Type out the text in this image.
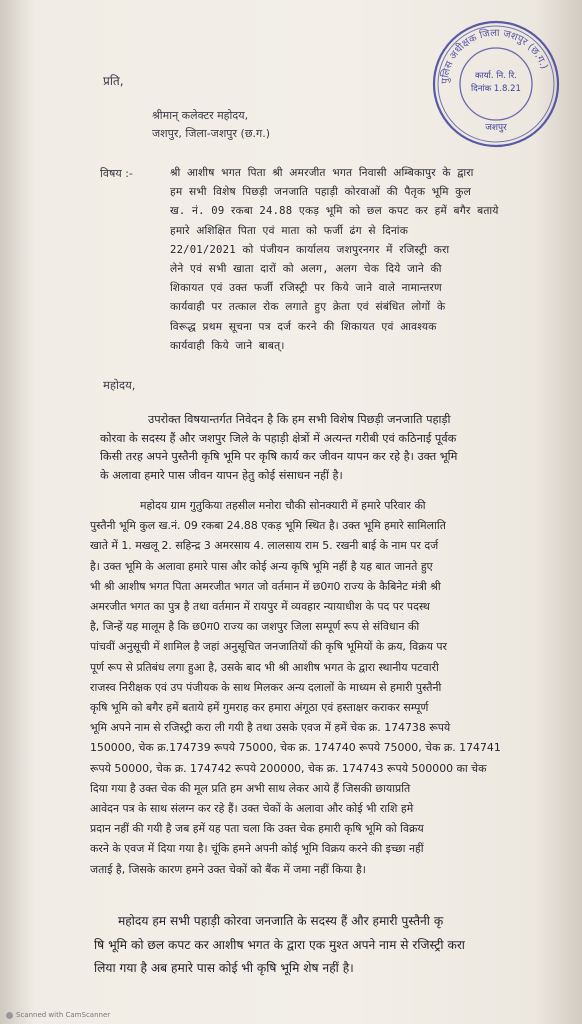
प्रति,
श्रीमान् कलेक्टर महोदय,
जशपुर, जिला-जशपुर (छ.ग.)
पुलिस अधीक्षक जिला जशपुर (छ.ग.)
कार्या. नि. रि.
दिनांक 1.8.21
जशपुर
विषय :-	श्री आशीष भगत पिता श्री अमरजीत भगत निवासी अम्बिकापुर के द्वारा
हम सभी विशेष पिछड़ी जनजाति पहाड़ी कोरवाओं की पैतृक भूमि कुल
ख. नं. 09 रकबा 24.88 एकड़ भूमि को छल कपट कर हमें बगैर बताये
हमारे अशिक्षित पिता एवं माता को फर्जी ढंग से दिनांक
22/01/2021 को पंजीयन कार्यालय जशपुरनगर में रजिस्ट्री करा
लेने एवं सभी खाता दारों को अलग, अलग चेक दिये जाने की
शिकायत एवं उक्त फर्जी रजिस्ट्री पर किये जाने वाले नामान्तरण
कार्यवाही पर तत्काल रोक लगाते हुए क्रेता एवं संबंधित लोगों के
विरूद्ध प्रथम सूचना पत्र दर्ज करने की शिकायत एवं आवश्यक
कार्यवाही किये जाने बाबत्।
महोदय,
उपरोक्त विषयान्तर्गत निवेदन है कि हम सभी विशेष पिछड़ी जनजाति पहाड़ी
कोरवा के सदस्य हैं और जशपुर जिले के पहाड़ी क्षेत्रों में अत्यन्त गरीबी एवं कठिनाई पूर्वक
किसी तरह अपने पुस्तैनी कृषि भूमि पर कृषि कार्य कर जीवन यापन कर रहे है। उक्त भूमि
के अलावा हमारे पास जीवन यापन हेतु कोई संसाधन नहीं है।
महोदय ग्राम गुतुकिया तहसील मनोरा चौकी सोनक्यारी में हमारे परिवार की
पुस्तैनी भूमि कुल ख.नं. 09 रकबा 24.88 एकड़ भूमि स्थित है। उक्त भूमि हमारे सामिलाति
खाते में 1. मखलू 2. सहिन्द्र 3 अमरसाय 4. लालसाय राम 5. रखनी बाई के नाम पर दर्ज
है। उक्त भूमि के अलावा हमारे पास और कोई अन्य कृषि भूमि नहीं है यह बात जानते हुए
भी श्री आशीष भगत पिता अमरजीत भगत जो वर्तमान में छ0ग0 राज्य के कैबिनेट मंत्री श्री
अमरजीत भगत का पुत्र है तथा वर्तमान में रायपुर में व्यवहार न्यायाधीश के पद पर पदस्थ
है, जिन्हें यह मालूम है कि छ0ग0 राज्य का जशपुर जिला सम्पूर्ण रूप से संविधान की
पांचवीं अनुसूची में शामिल है जहां अनुसूचित जनजातियों की कृषि भूमियों के क्रय, विक्रय पर
पूर्ण रूप से प्रतिबंध लगा हुआ है, उसके बाद भी श्री आशीष भगत के द्वारा स्थानीय पटवारी
राजस्व निरीक्षक एवं उप पंजीयक के साथ मिलकर अन्य दलालों के माध्यम से हमारी पुस्तैनी
कृषि भूमि को बगैर हमें बताये हमें गुमराह कर हमारा अंगूठा एवं हस्ताक्षर कराकर सम्पूर्ण
भूमि अपने नाम से रजिस्ट्री करा ली गयी है तथा उसके एवज में हमें चेक क्र. 174738 रूपये
150000, चेक क्र.174739 रूपये 75000, चेक क्र. 174740 रूपये 75000, चेक क्र. 174741
रूपये 50000, चेक क्र. 174742 रूपये 200000, चेक क्र. 174743 रूपये 500000 का चेक
दिया गया है उक्त चेक की मूल प्रति हम अभी साथ लेकर आये हैं जिसकी छायाप्रति
आवेदन पत्र के साथ संलग्न कर रहे हैं। उक्त चेकों के अलावा और कोई भी राशि हमे
प्रदान नहीं की गयी है जब हमें यह पता चला कि उक्त चेक हमारी कृषि भूमि को विक्रय
करने के एवज में दिया गया है। चूंकि हमने अपनी कोई भूमि विक्रय करने की इच्छा नहीं
जताई है, जिसके कारण हमने उक्त चेकों को बैंक में जमा नहीं किया है।
महोदय हम सभी पहाड़ी कोरवा जनजाति के सदस्य हैं और हमारी पुस्तैनी कृ
षि भूमि को छल कपट कर आशीष भगत के द्वारा एक मुश्त अपने नाम से रजिस्ट्री करा
लिया गया है अब हमारे पास कोई भी कृषि भूमि शेष नहीं है।
Scanned with CamScanner
